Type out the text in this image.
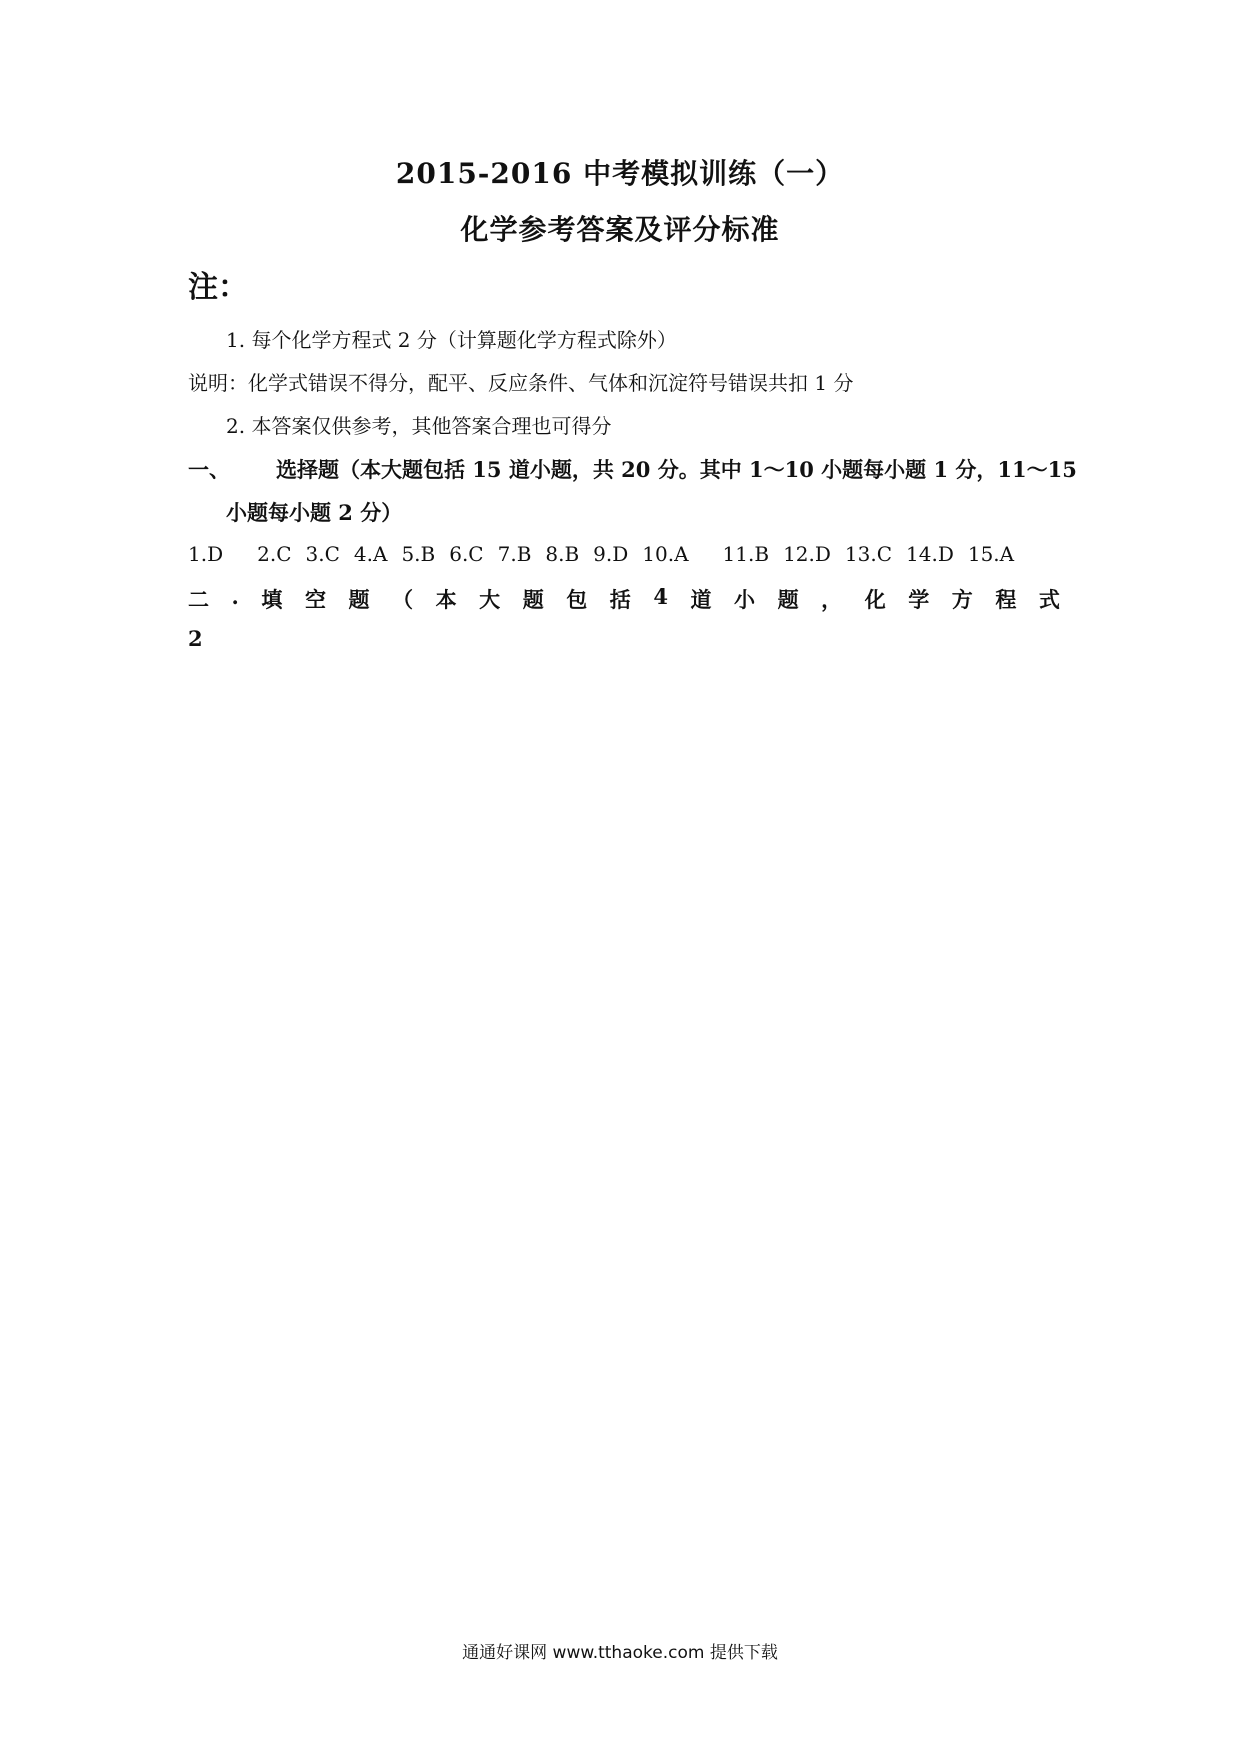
2015-2016 中考模拟训练（一）
化学参考答案及评分标准
注：
1. 每个化学方程式 2 分（计算题化学方程式除外）
说明：化学式错误不得分，配平、反应条件、气体和沉淀符号错误共扣 1 分
2. 本答案仅供参考，其他答案合理也可得分
一、 选择题（本大题包括 15 道小题，共 20 分。其中 1～10 小题每小题 1 分，11～15
小题每小题 2 分）
1.D 2.C 3.C 4.A 5.B 6.C 7.B 8.B 9.D 10.A 11.B 12.D 13.C 14.D 15.A
二 . 填 空 题 （ 本 大 题 包 括 4 道 小 题 ， 化 学 方 程 式
2
通通好课网 www.tthaoke.com 提供下载
